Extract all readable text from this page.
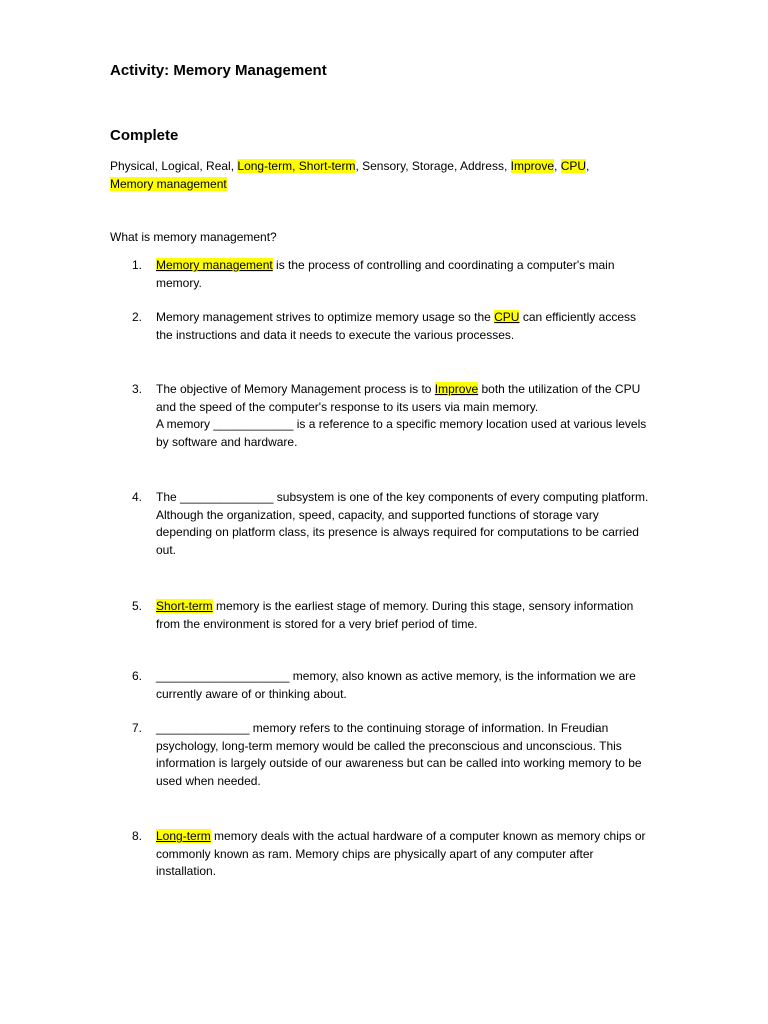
Activity: Memory Management
Complete
Physical, Logical, Real, Long-term, Short-term, Sensory, Storage, Address, Improve, CPU,
Memory management
What is memory management?
1. Memory management is the process of controlling and coordinating a computer's main memory.
2. Memory management strives to optimize memory usage so the CPU can efficiently access the instructions and data it needs to execute the various processes.
3. The objective of Memory Management process is to Improve both the utilization of the CPU and the speed of the computer's response to its users via main memory.
A memory ____________ is a reference to a specific memory location used at various levels by software and hardware.
4. The ______________ subsystem is one of the key components of every computing platform. Although the organization, speed, capacity, and supported functions of storage vary depending on platform class, its presence is always required for computations to be carried out.
5. Short-term memory is the earliest stage of memory. During this stage, sensory information from the environment is stored for a very brief period of time.
6. ____________________ memory, also known as active memory, is the information we are currently aware of or thinking about.
7. ______________ memory refers to the continuing storage of information. In Freudian psychology, long-term memory would be called the preconscious and unconscious. This information is largely outside of our awareness but can be called into working memory to be used when needed.
8. Long-term memory deals with the actual hardware of a computer known as memory chips or commonly known as ram. Memory chips are physically apart of any computer after installation.
